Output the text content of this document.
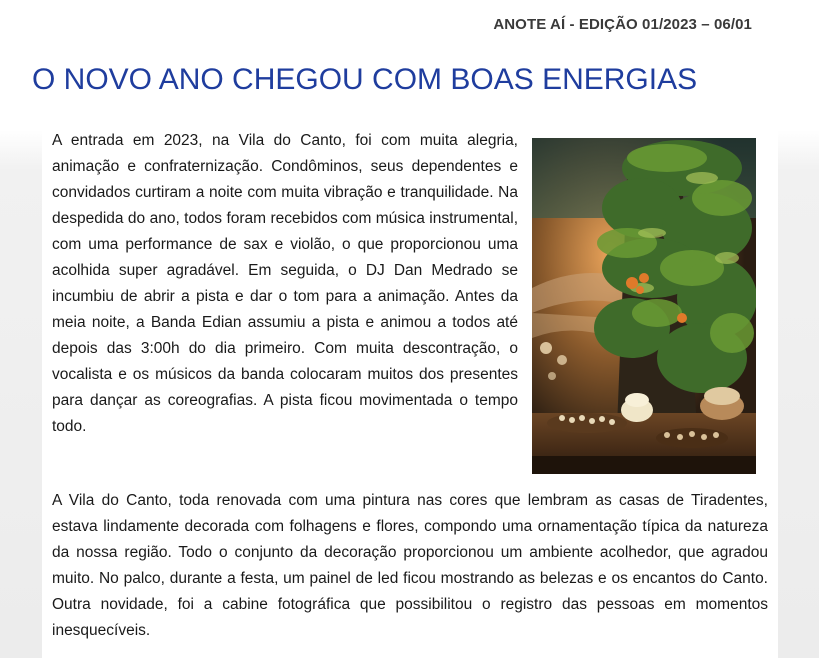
ANOTE AÍ - EDIÇÃO 01/2023 – 06/01
O NOVO ANO CHEGOU COM BOAS ENERGIAS

A entrada em 2023, na Vila do Canto, foi com muita alegria, animação e confraternização. Condôminos, seus dependentes e convidados curtiram a noite com muita vibração e tranquilidade. Na despedida do ano, todos foram recebidos com música instrumental, com uma performance de sax e violão, o que proporcionou uma acolhida super agradável. Em seguida, o DJ Dan Medrado se incumbiu de abrir a pista e dar o tom para a animação. Antes da meia noite, a Banda Edian assumiu a pista e animou a todos até depois das 3:00h do dia primeiro. Com muita descontração, o vocalista e os músicos da banda colocaram muitos dos presentes para dançar as coreografias. A pista ficou movimentada o tempo todo.

A Vila do Canto, toda renovada com uma pintura nas cores que lembram as casas de Tiradentes, estava lindamente decorada com folhagens e flores, compondo uma ornamentação típica da natureza da nossa região. Todo o conjunto da decoração proporcionou um ambiente acolhedor, que agradou muito. No palco, durante a festa, um painel de led ficou mostrando as belezas e os encantos do Canto. Outra novidade, foi a cabine fotográfica que possibilitou o registro das pessoas em momentos inesquecíveis.
